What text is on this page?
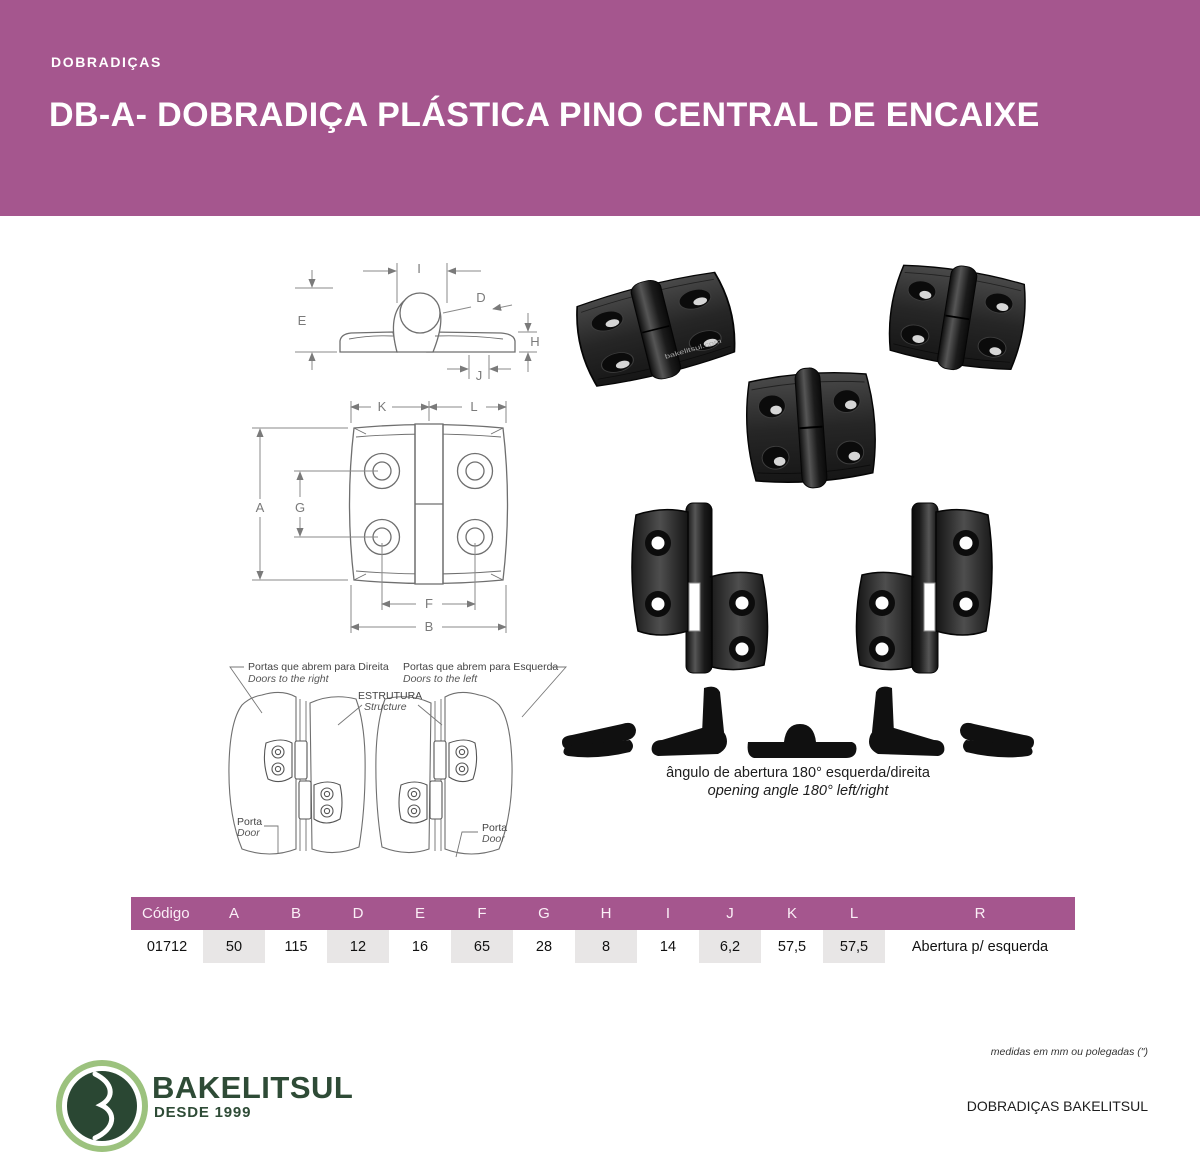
DOBRADIÇAS
DB-A- DOBRADIÇA PLÁSTICA PINO CENTRAL DE ENCAIXE
I
D
E
H
J
K	L
A G
F
B
Portas que abrem para Direita
Doors to the right
Portas que abrem para Esquerda
Doors to the left
ESTRUTURA
Structure
Porta
Door	Porta
Door
bakelitsul.com
ângulo de abertura 180° esquerda/direita
opening angle 180° left/right
Código	A	B	D	E	F	G	H	I	J	K	L	R
01712	50	115	12	16	65	28	8	14	6,2	57,5	57,5	Abertura p/ esquerda
BAKELITSUL
DESDE 1999
medidas em mm ou polegadas (")
DOBRADIÇAS BAKELITSUL
